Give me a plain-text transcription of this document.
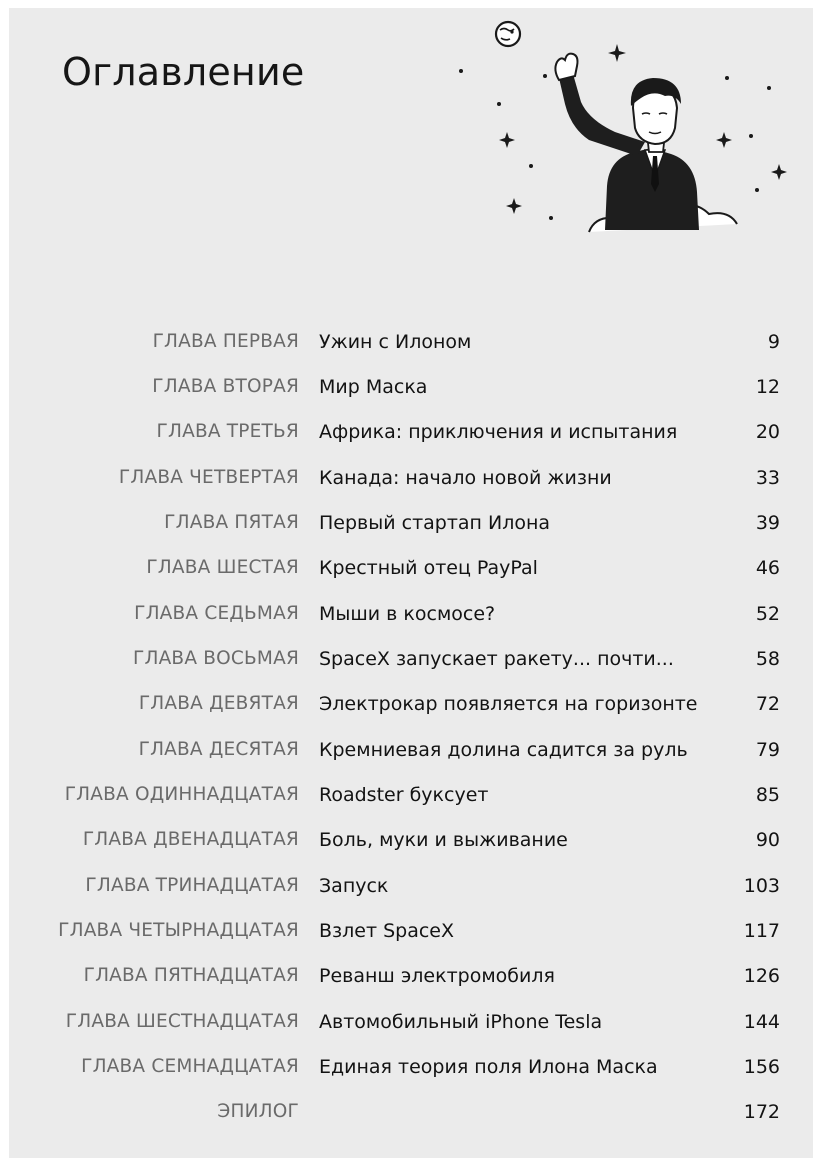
Оглавление
ГЛАВА ПЕРВАЯ Ужин с Илоном	9
ГЛАВА ВТОРАЯ Мир Маска	12
ГЛАВА ТРЕТЬЯ Африка: приключения и испытания	20
ГЛАВА ЧЕТВЕРТАЯ Канада: начало новой жизни	33
ГЛАВА ПЯТАЯ Первый стартап Илона	39
ГЛАВА ШЕСТАЯ Крестный отец PayPal	46
ГЛАВА СЕДЬМАЯ Мыши в космосе?	52
ГЛАВА ВОСЬМАЯ SpaceX запускает ракету... почти...	58
ГЛАВА ДЕВЯТАЯ Электрокар появляется на горизонте	72
ГЛАВА ДЕСЯТАЯ Кремниевая долина садится за руль	79
ГЛАВА ОДИННАДЦАТАЯ Roadster буксует	85
ГЛАВА ДВЕНАДЦАТАЯ Боль, муки и выживание	90
ГЛАВА ТРИНАДЦАТАЯ Запуск	103
ГЛАВА ЧЕТЫРНАДЦАТАЯ Взлет SpaceX	117
ГЛАВА ПЯТНАДЦАТАЯ Реванш электромобиля	126
ГЛАВА ШЕСТНАДЦАТАЯ Автомобильный iPhone Tesla	144
ГЛАВА СЕМНАДЦАТАЯ Единая теория поля Илона Маска	156
ЭПИЛОГ	172
